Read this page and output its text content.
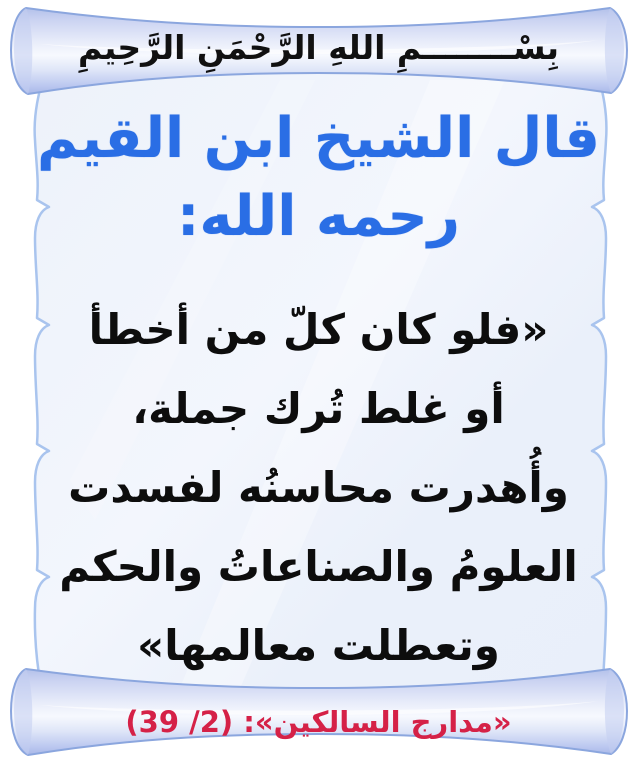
بِسْــــــــمِ اللهِ الرَّحْمَنِ الرَّحِيمِ
قال الشيخ ابن القيم
رحمه الله:
«فلو كان كلّ من أخطأ
أو غلط تُرك جملة،
وأُهدرت محاسنُه لفسدت
العلومُ والصناعاتُ والحكم
وتعطلت معالمها»
«مدارج السالكين»: (2/ 39)
